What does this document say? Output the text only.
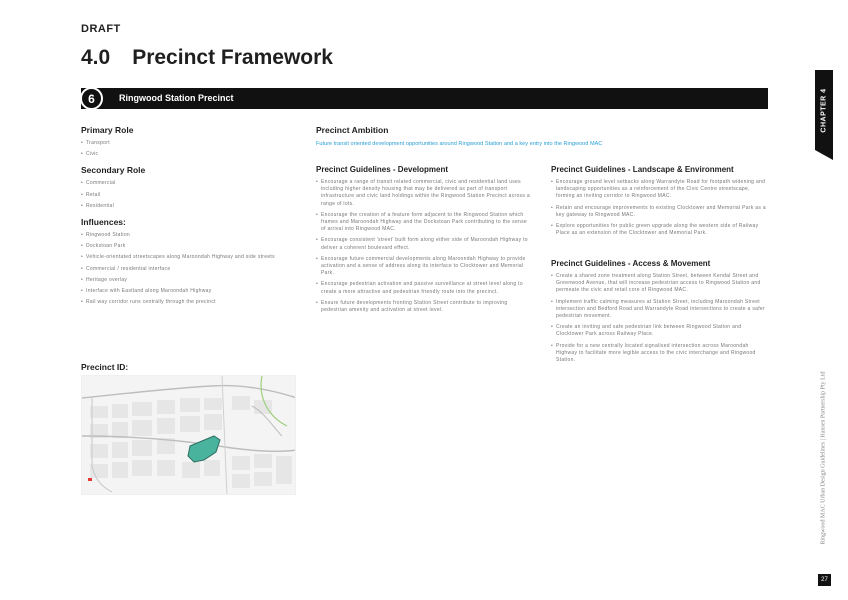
DRAFT
4.0 Precinct Framework
6	Ringwood Station Precinct	CHAPTER 4
Ringwood MAC Urban Design Guidelines | Hansen Partnership Pty Ltd
27
Primary Role
• Transport
• Civic
Secondary Role
• Commercial
• Retail
• Residential
Influences:
• Ringwood Station
• Dockstoan Park
• Vehicle-orientated streetscapes along Maroondah Highway and side streets
• Commercial / residential interface
• Heritage overlay
• Interface with Eastland along Maroondah Highway
• Rail way corridor runs centrally through the precinct
Precinct ID:
Precinct Ambition
Future transit oriented development opportunities around Ringwood Station and a key entry into the Ringwood MAC
Precinct Guidelines - Development
• Encourage a range of transit related commercial, civic and residential land uses including higher density housing that may be delivered as part of transport infrastructure and civic land holdings within the Ringwood Station Precinct across a range of lots.
• Encourage the creation of a feature form adjacent to the Ringwood Station which frames and Maroondah Highway and the Dockstoan Park contributing to the sense of arrival into Ringwood MAC.
• Encourage consistent 'street' built form along either side of Maroondah Highway to deliver a coherent boulevard effect.
• Encourage future commercial developments along Maroondah Highway to provide activation and a sense of address along its interface to Clocktower and Memorial Park.
• Encourage pedestrian activation and passive surveillance at street level along to create a more attractive and pedestrian friendly route into the precinct.
• Ensure future developments fronting Station Street contribute to improving pedestrian amenity and activation at street level.
Precinct Guidelines - Landscape & Environment
• Encourage ground level setbacks along Warrandyte Road for footpath widening and landscaping opportunities as a reinforcement of the Civic Centre streetscape, forming an inviting corridor to Ringwood MAC.
• Retain and encourage improvements to existing Clocktower and Memorial Park as a key gateway to Ringwood MAC.
• Explore opportunities for public green upgrade along the western side of Railway Place as an extension of the Clocktower and Memorial Park.
Precinct Guidelines - Access & Movement
• Create a shared zone treatment along Station Street, between Kendal Street and Greenwood Avenue, that will increase pedestrian access to Ringwood Station and permeate the civic and retail core of Ringwood MAC.
• Implement traffic calming measures at Station Street, including Maroondah Street intersection and Bedford Road and Warrandyte Road intersections to create a safer pedestrian movement.
• Create an inviting and safe pedestrian link between Ringwood Station and Clocktower Park across Railway Place.
• Provide for a new centrally located signalised intersection across Maroondah Highway to facilitate more legible access to the civic interchange and Ringwood Station.
